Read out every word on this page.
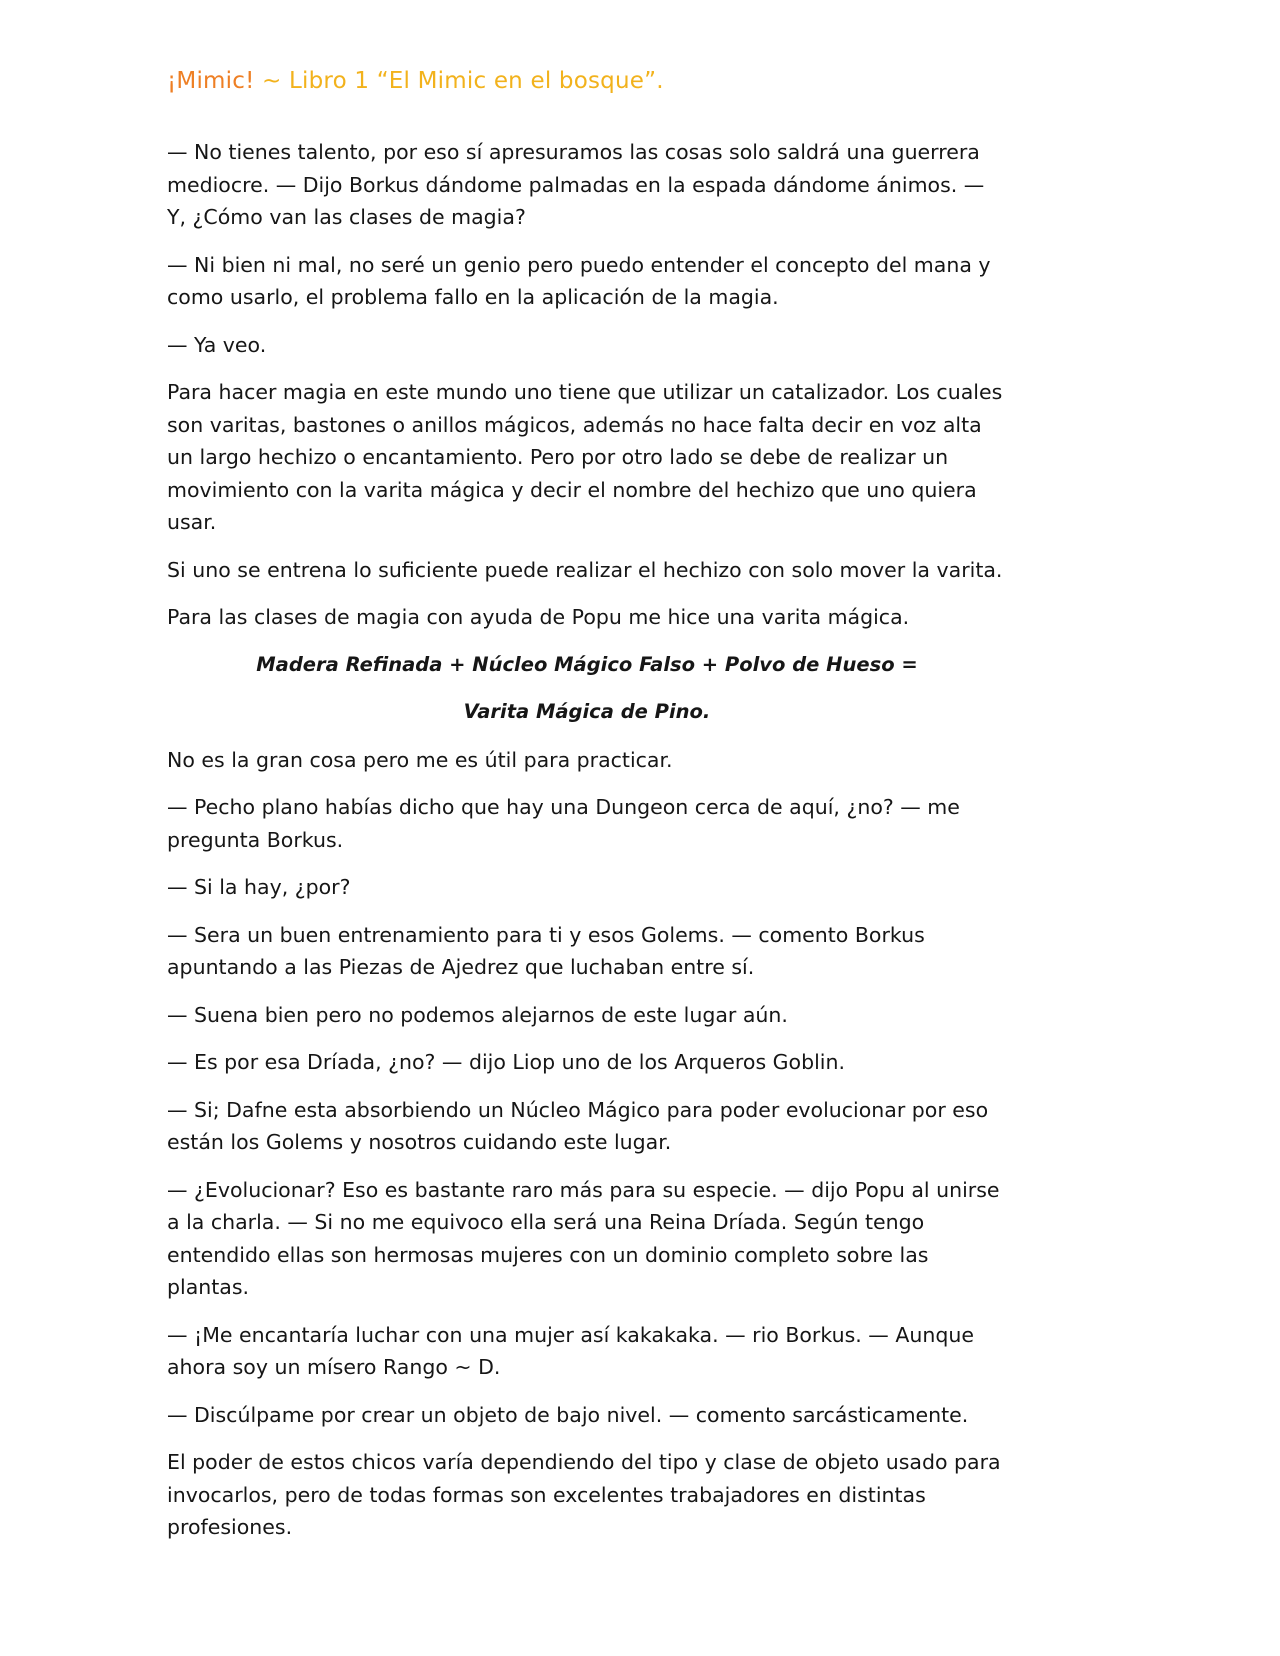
¡Mimic! ~ Libro 1 “El Mimic en el bosque”.

— No tienes talento, por eso sí apresuramos las cosas solo saldrá una guerrera mediocre. — Dijo Borkus dándome palmadas en la espada dándome ánimos. — Y, ¿Cómo van las clases de magia?

— Ni bien ni mal, no seré un genio pero puedo entender el concepto del mana y como usarlo, el problema fallo en la aplicación de la magia.

— Ya veo.

Para hacer magia en este mundo uno tiene que utilizar un catalizador. Los cuales son varitas, bastones o anillos mágicos, además no hace falta decir en voz alta un largo hechizo o encantamiento. Pero por otro lado se debe de realizar un movimiento con la varita mágica y decir el nombre del hechizo que uno quiera usar.

Si uno se entrena lo suficiente puede realizar el hechizo con solo mover la varita.

Para las clases de magia con ayuda de Popu me hice una varita mágica.

Madera Refinada + Núcleo Mágico Falso + Polvo de Hueso =

Varita Mágica de Pino.

No es la gran cosa pero me es útil para practicar.

— Pecho plano habías dicho que hay una Dungeon cerca de aquí, ¿no? — me pregunta Borkus.

— Si la hay, ¿por?

— Sera un buen entrenamiento para ti y esos Golems. — comento Borkus apuntando a las Piezas de Ajedrez que luchaban entre sí.

— Suena bien pero no podemos alejarnos de este lugar aún.

— Es por esa Dríada, ¿no? — dijo Liop uno de los Arqueros Goblin.

— Si; Dafne esta absorbiendo un Núcleo Mágico para poder evolucionar por eso están los Golems y nosotros cuidando este lugar.

— ¿Evolucionar? Eso es bastante raro más para su especie. — dijo Popu al unirse a la charla. — Si no me equivoco ella será una Reina Dríada. Según tengo entendido ellas son hermosas mujeres con un dominio completo sobre las plantas.

— ¡Me encantaría luchar con una mujer así kakakaka. — rio Borkus. — Aunque ahora soy un mísero Rango ~ D.

— Discúlpame por crear un objeto de bajo nivel. — comento sarcásticamente.

El poder de estos chicos varía dependiendo del tipo y clase de objeto usado para invocarlos, pero de todas formas son excelentes trabajadores en distintas profesiones.
